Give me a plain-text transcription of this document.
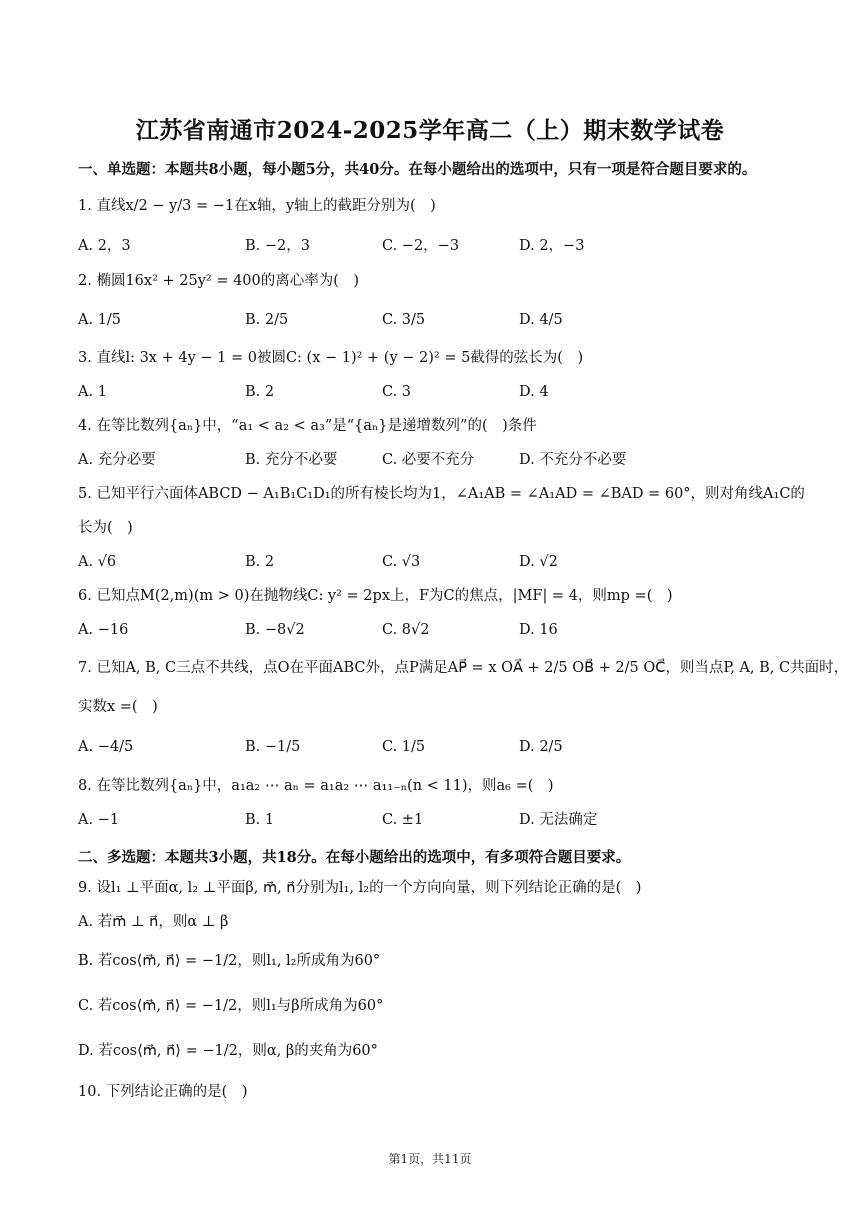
江苏省南通市2024-2025学年高二（上）期末数学试卷
一、单选题：本题共8小题，每小题5分，共40分。在每小题给出的选项中，只有一项是符合题目要求的。
1. 直线x/2 − y/3 = −1在x轴，y轴上的截距分别为(　)
A. 2，3	B. −2，3	C. −2，−3	D. 2，−3
2. 椭圆16x² + 25y² = 400的离心率为(　)
A. 1/5	B. 2/5	C. 3/5	D. 4/5
3. 直线l: 3x + 4y − 1 = 0被圆C: (x − 1)² + (y − 2)² = 5截得的弦长为(　)
A. 1	B. 2	C. 3	D. 4
4. 在等比数列{aₙ}中，“a₁ < a₂ < a₃”是“{aₙ}是递增数列”的(　)条件
A. 充分必要	B. 充分不必要	C. 必要不充分	D. 不充分不必要
5. 已知平行六面体ABCD − A₁B₁C₁D₁的所有棱长均为1，∠A₁AB = ∠A₁AD = ∠BAD = 60°，则对角线A₁C的
长为(　)
A. √6	B. 2	C. √3	D. √2
6. 已知点M(2,m)(m > 0)在抛物线C: y² = 2px上，F为C的焦点，|MF| = 4，则mp =(　)
A. −16	B. −8√2	C. 8√2	D. 16
7. 已知A, B, C三点不共线，点O在平面ABC外，点P满足AP⃗ = x OA⃗ + 2/5 OB⃗ + 2/5 OC⃗，则当点P, A, B, C共面时，
实数x =(　)
A. −4/5	B. −1/5	C. 1/5	D. 2/5
8. 在等比数列{aₙ}中，a₁a₂ ⋯ aₙ = a₁a₂ ⋯ a₁₁₋ₙ(n < 11)，则a₆ =(　)
A. −1	B. 1	C. ±1	D. 无法确定
二、多选题：本题共3小题，共18分。在每小题给出的选项中，有多项符合题目要求。
9. 设l₁ ⊥平面α, l₂ ⊥平面β, m⃗, n⃗分别为l₁, l₂的一个方向向量，则下列结论正确的是(　)
A. 若m⃗ ⊥ n⃗，则α ⊥ β
B. 若cos⟨m⃗, n⃗⟩ = −1/2，则l₁, l₂所成角为60°
C. 若cos⟨m⃗, n⃗⟩ = −1/2，则l₁与β所成角为60°
D. 若cos⟨m⃗, n⃗⟩ = −1/2，则α, β的夹角为60°
10. 下列结论正确的是(　)
第1页，共11页
